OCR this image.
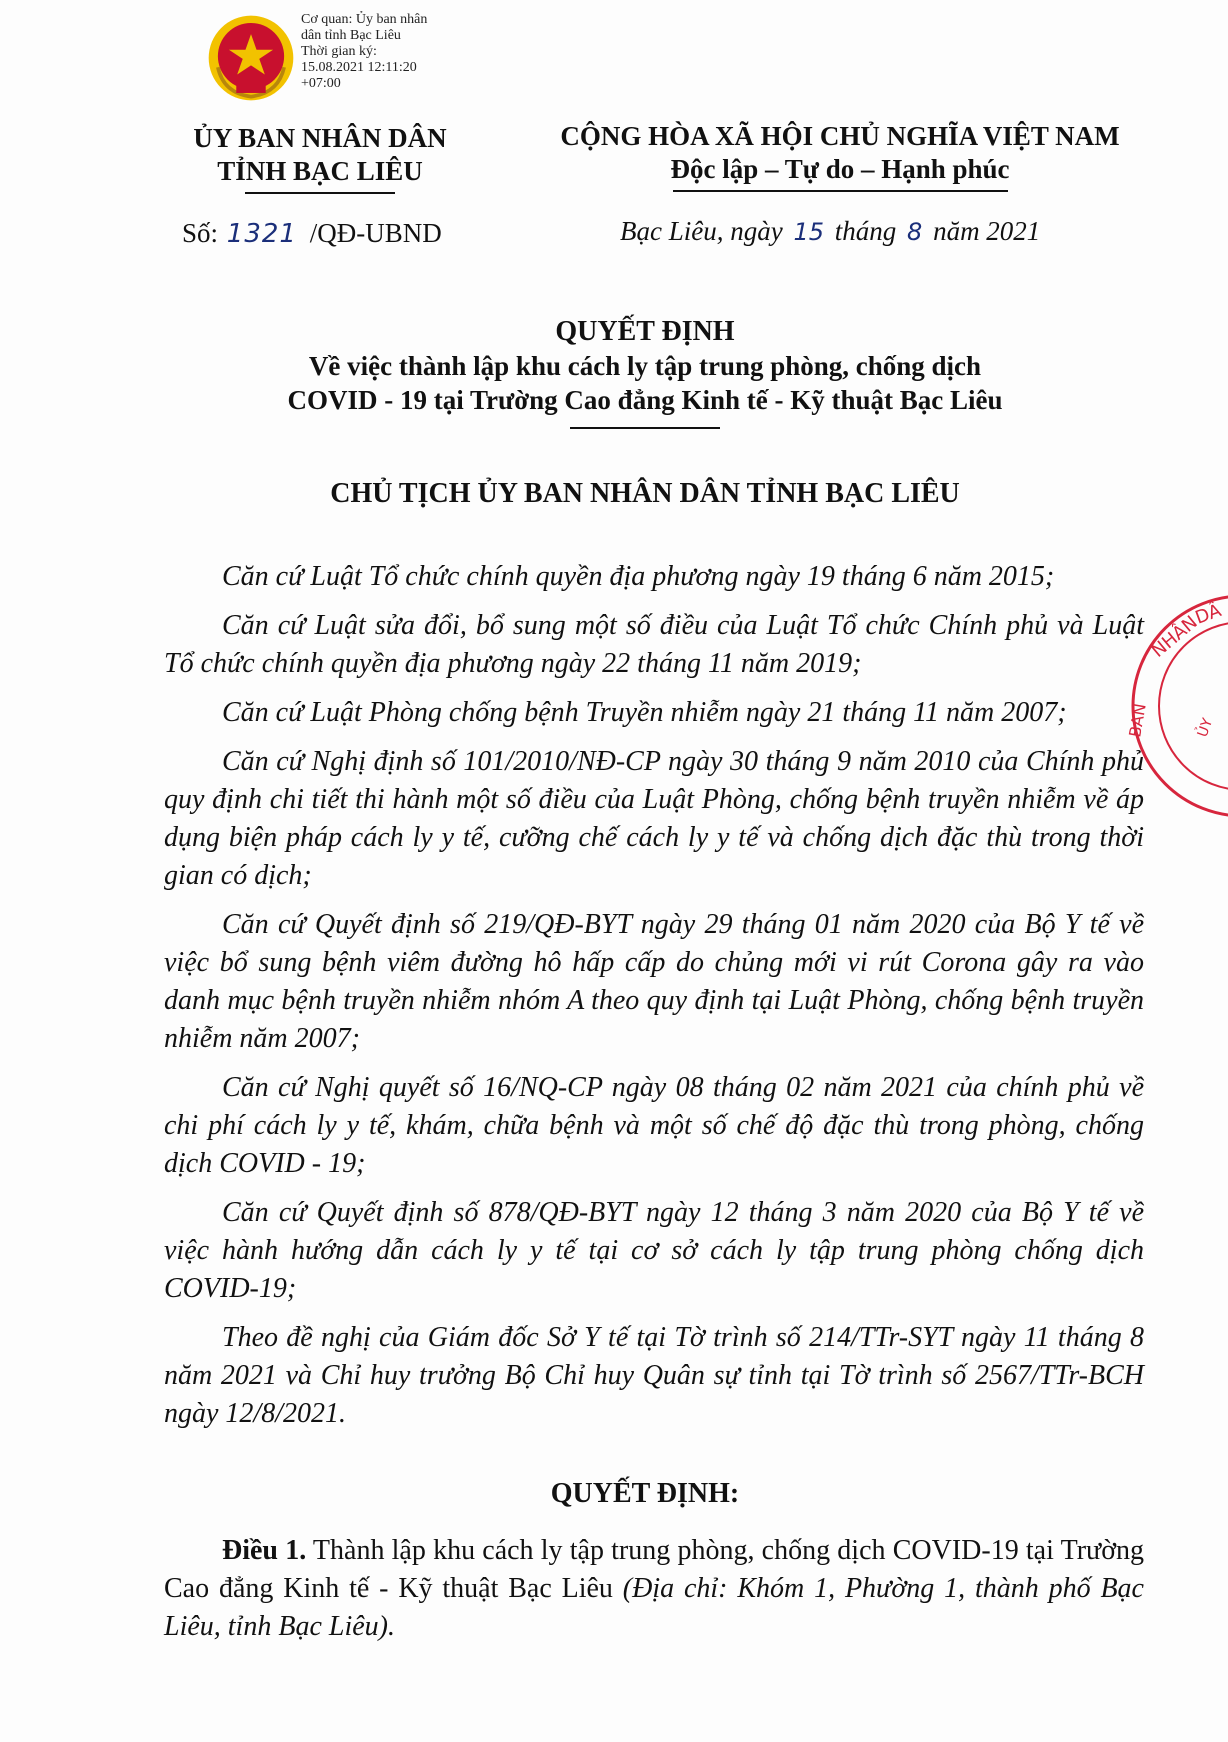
Cơ quan: Ủy ban nhân
dân tỉnh Bạc Liêu
Thời gian ký:
15.08.2021 12:11:20
+07:00
ỦY BAN NHÂN DÂN
TỈNH BẠC LIÊU
CỘNG HÒA XÃ HỘI CHỦ NGHĨA VIỆT NAM
Độc lập – Tự do – Hạnh phúc
Số: 1321 /QĐ-UBND	Bạc Liêu, ngày 15 tháng 8 năm 2021
QUYẾT ĐỊNH
Về việc thành lập khu cách ly tập trung phòng, chống dịch
COVID - 19 tại Trường Cao đẳng Kinh tế - Kỹ thuật Bạc Liêu
CHỦ TỊCH ỦY BAN NHÂN DÂN TỈNH BẠC LIÊU

Căn cứ Luật Tổ chức chính quyền địa phương ngày 19 tháng 6 năm 2015;

Căn cứ Luật sửa đổi, bổ sung một số điều của Luật Tổ chức Chính phủ và Luật Tổ chức chính quyền địa phương ngày 22 tháng 11 năm 2019;

Căn cứ Luật Phòng chống bệnh Truyền nhiễm ngày 21 tháng 11 năm 2007;

Căn cứ Nghị định số 101/2010/NĐ-CP ngày 30 tháng 9 năm 2010 của Chính phủ quy định chi tiết thi hành một số điều của Luật Phòng, chống bệnh truyền nhiễm về áp dụng biện pháp cách ly y tế, cưỡng chế cách ly y tế và chống dịch đặc thù trong thời gian có dịch;

Căn cứ Quyết định số 219/QĐ-BYT ngày 29 tháng 01 năm 2020 của Bộ Y tế về việc bổ sung bệnh viêm đường hô hấp cấp do chủng mới vi rút Corona gây ra vào danh mục bệnh truyền nhiễm nhóm A theo quy định tại Luật Phòng, chống bệnh truyền nhiễm năm 2007;

Căn cứ Nghị quyết số 16/NQ-CP ngày 08 tháng 02 năm 2021 của chính phủ về chi phí cách ly y tế, khám, chữa bệnh và một số chế độ đặc thù trong phòng, chống dịch COVID - 19;

Căn cứ Quyết định số 878/QĐ-BYT ngày 12 tháng 3 năm 2020 của Bộ Y tế về việc hành hướng dẫn cách ly y tế tại cơ sở cách ly tập trung phòng chống dịch COVID-19;

Theo đề nghị của Giám đốc Sở Y tế tại Tờ trình số 214/TTr-SYT ngày 11 tháng 8 năm 2021 và Chỉ huy trưởng Bộ Chỉ huy Quân sự tỉnh tại Tờ trình số 2567/TTr-BCH ngày 12/8/2021.

QUYẾT ĐỊNH:
Điều 1. Thành lập khu cách ly tập trung phòng, chống dịch COVID-19 tại Trường Cao đẳng Kinh tế - Kỹ thuật Bạc Liêu (Địa chỉ: Khóm 1, Phường 1, thành phố Bạc Liêu, tỉnh Bạc Liêu).
NHÂN
DÂ
BAN	ỦY
